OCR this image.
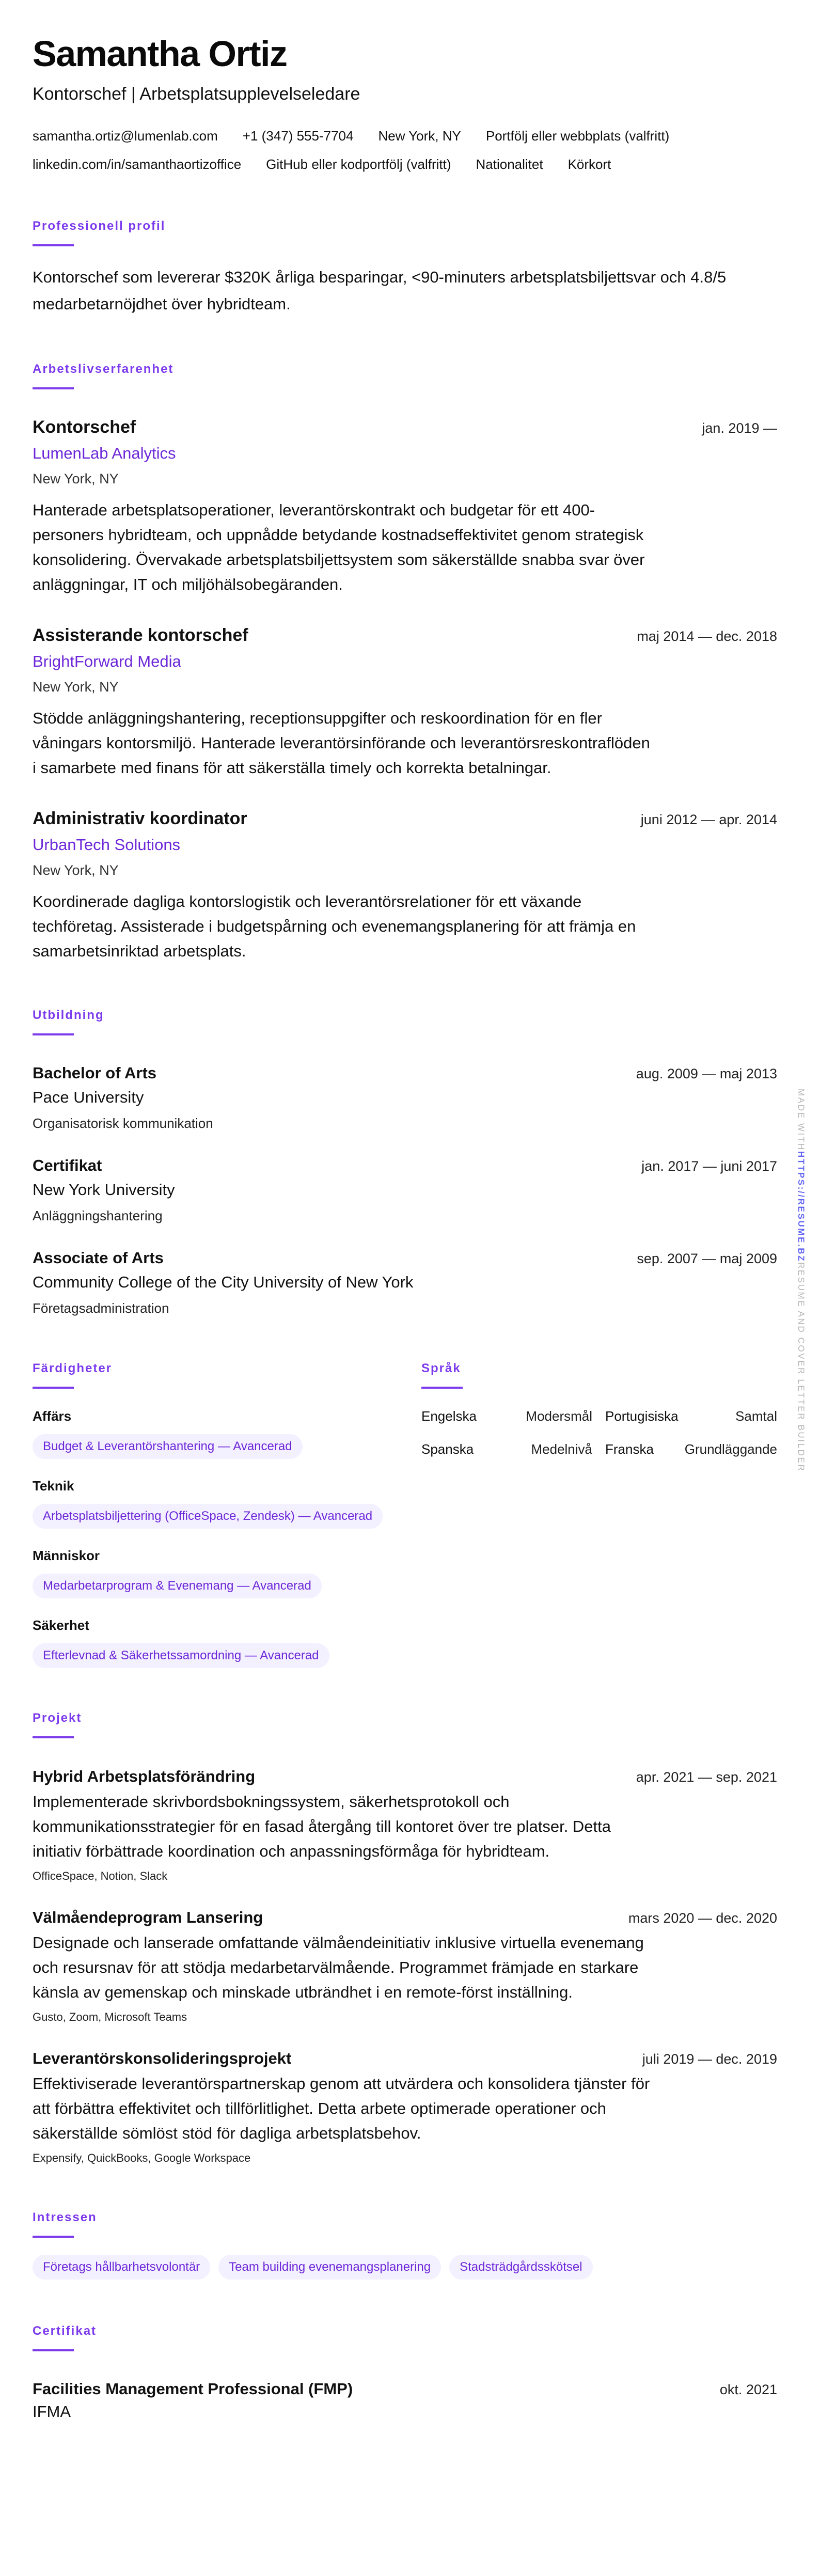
Samantha Ortiz
Kontorschef | Arbetsplatsupplevelseledare
samantha.ortiz@lumenlab.com +1 (347) 555-7704 New York, NY Portfölj eller webbplats (valfritt)
linkedin.com/in/samanthaortizoffice GitHub eller kodportfölj (valfritt) Nationalitet Körkort
Professionell profil

Kontorschef som levererar $320K årliga besparingar, <90-minuters arbetsplatsbiljettsvar och 4.8/5 medarbetarnöjdhet över hybridteam.

Arbetslivserfarenhet
Kontorschef	jan. 2019 —
LumenLab Analytics
New York, NY

Hanterade arbetsplatsoperationer, leverantörskontrakt och budgetar för ett 400-personers hybridteam, och uppnådde betydande kostnadseffektivitet genom strategisk konsolidering. Övervakade arbetsplatsbiljettsystem som säkerställde snabba svar över anläggningar, IT och miljöhälsobegäranden.

Assisterande kontorschef	maj 2014 — dec. 2018
BrightForward Media
New York, NY

Stödde anläggningshantering, receptionsuppgifter och reskoordination för en fler våningars kontorsmiljö. Hanterade leverantörsinförande och leverantörsreskontraflöden i samarbete med finans för att säkerställa timely och korrekta betalningar.

Administrativ koordinator	juni 2012 — apr. 2014
UrbanTech Solutions
New York, NY

Koordinerade dagliga kontorslogistik och leverantörsrelationer för ett växande techföretag. Assisterade i budgetspårning och evenemangsplanering för att främja en samarbetsinriktad arbetsplats.

Utbildning
Bachelor of Arts	aug. 2009 — maj 2013
Pace University
Organisatorisk kommunikation
Certifikat	jan. 2017 — juni 2017
New York University
Anläggningshantering
Associate of Arts	sep. 2007 — maj 2009
Community College of the City University of New York
Företagsadministration
Färdigheter
Affärs
Budget & Leverantörshantering — Avancerad
Teknik
Arbetsplatsbiljettering (OfficeSpace, Zendesk) — Avancerad
Människor
Medarbetarprogram & Evenemang — Avancerad
Säkerhet
Efterlevnad & Säkerhetssamordning — Avancerad
Språk
Engelska	Modersmål Portugisiska	Samtal
Spanska	Medelnivå Franska Grundläggande
Projekt
Hybrid Arbetsplatsförändring	apr. 2021 — sep. 2021

Implementerade skrivbordsbokningssystem, säkerhetsprotokoll och kommunikationsstrategier för en fasad återgång till kontoret över tre platser. Detta initiativ förbättrade koordination och anpassningsförmåga för hybridteam.

OfficeSpace, Notion, Slack
Välmåendeprogram Lansering	mars 2020 — dec. 2020

Designade och lanserade omfattande välmåendeinitiativ inklusive virtuella evenemang och resursnav för att stödja medarbetarvälmående. Programmet främjade en starkare känsla av gemenskap och minskade utbrändhet i en remote-först inställning.

Gusto, Zoom, Microsoft Teams
Leverantörskonsolideringsprojekt	juli 2019 — dec. 2019

Effektiviserade leverantörspartnerskap genom att utvärdera och konsolidera tjänster för att förbättra effektivitet och tillförlitlighet. Detta arbete optimerade operationer och säkerställde sömlöst stöd för dagliga arbetsplatsbehov.

Expensify, QuickBooks, Google Workspace
Intressen
Företags hållbarhetsvolontär	Team building evenemangsplanering	Stadsträdgårdsskötsel
Certifikat
Facilities Management Professional (FMP)	okt. 2021
IFMA
MADE WITHHTTPS://RESUME.BZRESUME AND COVER LETTER BUILDER
